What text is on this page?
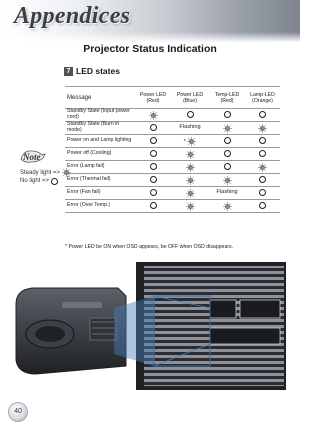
Appendices
Projector Status Indication
7 LED states
Message	Power LED (Red)	Power LED (Blue)	Temp-LED (Red)	Lamp-LED (Orange)
Standby State (Input power cord)				
Standby State (Burn in mode)		Flashing		
Power on and Lamp lighting		*		
Power off (Cooling)				
Error (Lamp fail)				
Error (Thermal fail)				
Error (Fan fail)			Flashing	
Error (Over Temp.)				
* Power LED be ON when OSD appears, be OFF when OSD disappears.
Note
Steady light =>
No light =>
40
